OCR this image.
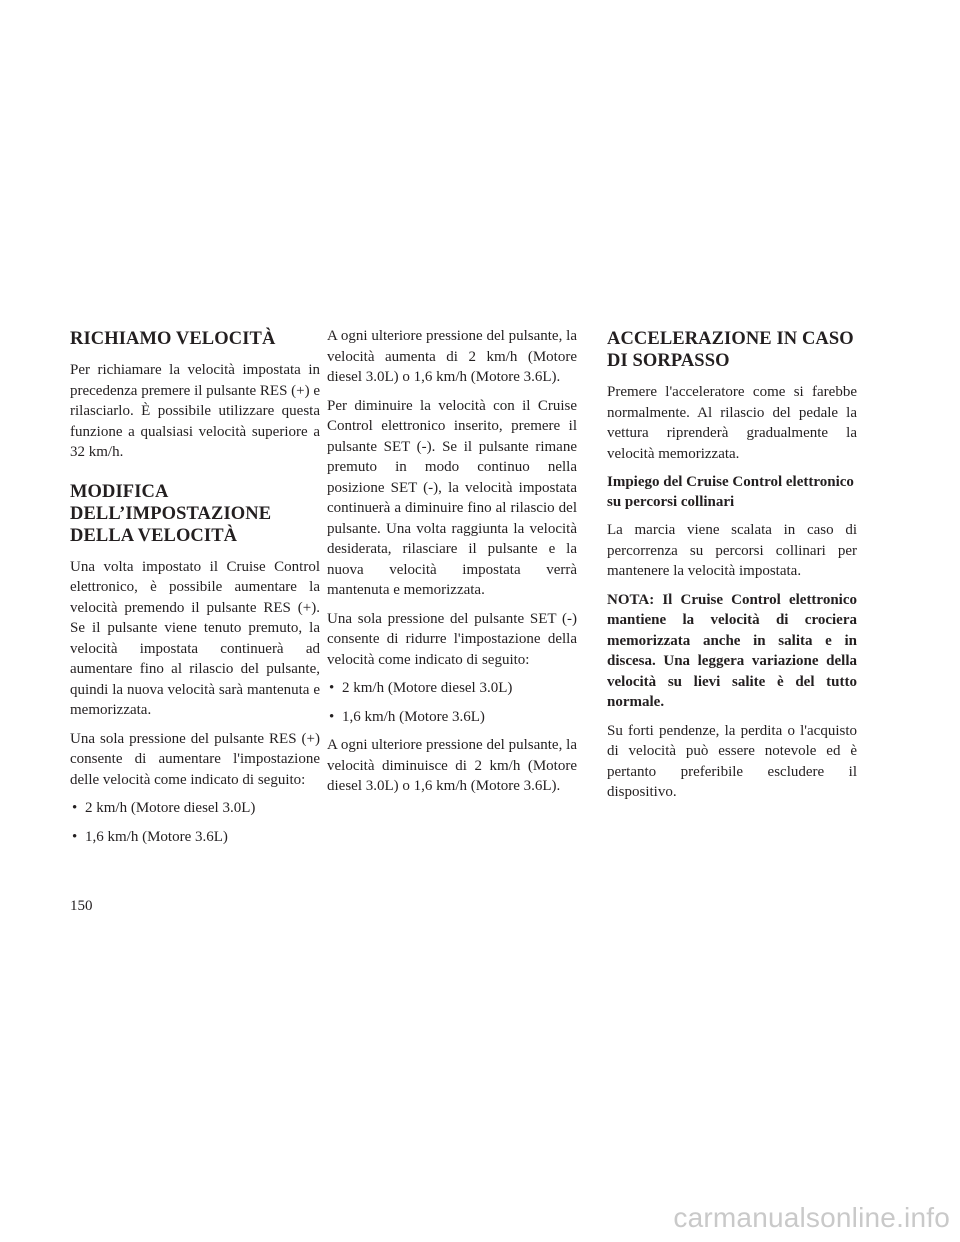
RICHIAMO VELOCITÀ

Per richiamare la velocità impostata in precedenza premere il pulsante RES (+) e rilasciarlo. È possibile utilizzare questa funzione a qualsiasi velocità superiore a 32 km/h.

MODIFICA DELL’IMPOSTAZIONE DELLA VELOCITÀ

Una volta impostato il Cruise Control elettronico, è possibile aumentare la velocità premendo il pulsante RES (+). Se il pulsante viene tenuto premuto, la velocità impostata continuerà ad aumentare fino al rilascio del pulsante, quindi la nuova velocità sarà mantenuta e memorizzata.

Una sola pressione del pulsante RES (+) consente di aumentare l'impostazione delle velocità come indicato di seguito:

• 2 km/h (Motore diesel 3.0L)
• 1,6 km/h (Motore 3.6L)

A ogni ulteriore pressione del pulsante, la velocità aumenta di 2 km/h (Motore diesel 3.0L) o 1,6 km/h (Motore 3.6L).

Per diminuire la velocità con il Cruise Control elettronico inserito, premere il pulsante SET (-). Se il pulsante rimane premuto in modo continuo nella posizione SET (-), la velocità impostata continuerà a diminuire fino al rilascio del pulsante. Una volta raggiunta la velocità desiderata, rilasciare il pulsante e la nuova velocità impostata verrà mantenuta e memorizzata.

Una sola pressione del pulsante SET (-) consente di ridurre l'impostazione della velocità come indicato di seguito:

• 2 km/h (Motore diesel 3.0L)
• 1,6 km/h (Motore 3.6L)

A ogni ulteriore pressione del pulsante, la velocità diminuisce di 2 km/h (Motore diesel 3.0L) o 1,6 km/h (Motore 3.6L).

ACCELERAZIONE IN CASO DI SORPASSO

Premere l'acceleratore come si farebbe normalmente. Al rilascio del pedale la vettura riprenderà gradualmente la velocità memorizzata.

Impiego del Cruise Control elettronico su percorsi collinari

La marcia viene scalata in caso di percorrenza su percorsi collinari per mantenere la velocità impostata.

NOTA: Il Cruise Control elettronico mantiene la velocità di crociera memorizzata anche in salita e in discesa. Una leggera variazione della velocità su lievi salite è del tutto normale.

Su forti pendenze, la perdita o l'acquisto di velocità può essere notevole ed è pertanto preferibile escludere il dispositivo.

150
carmanualsonline.info
